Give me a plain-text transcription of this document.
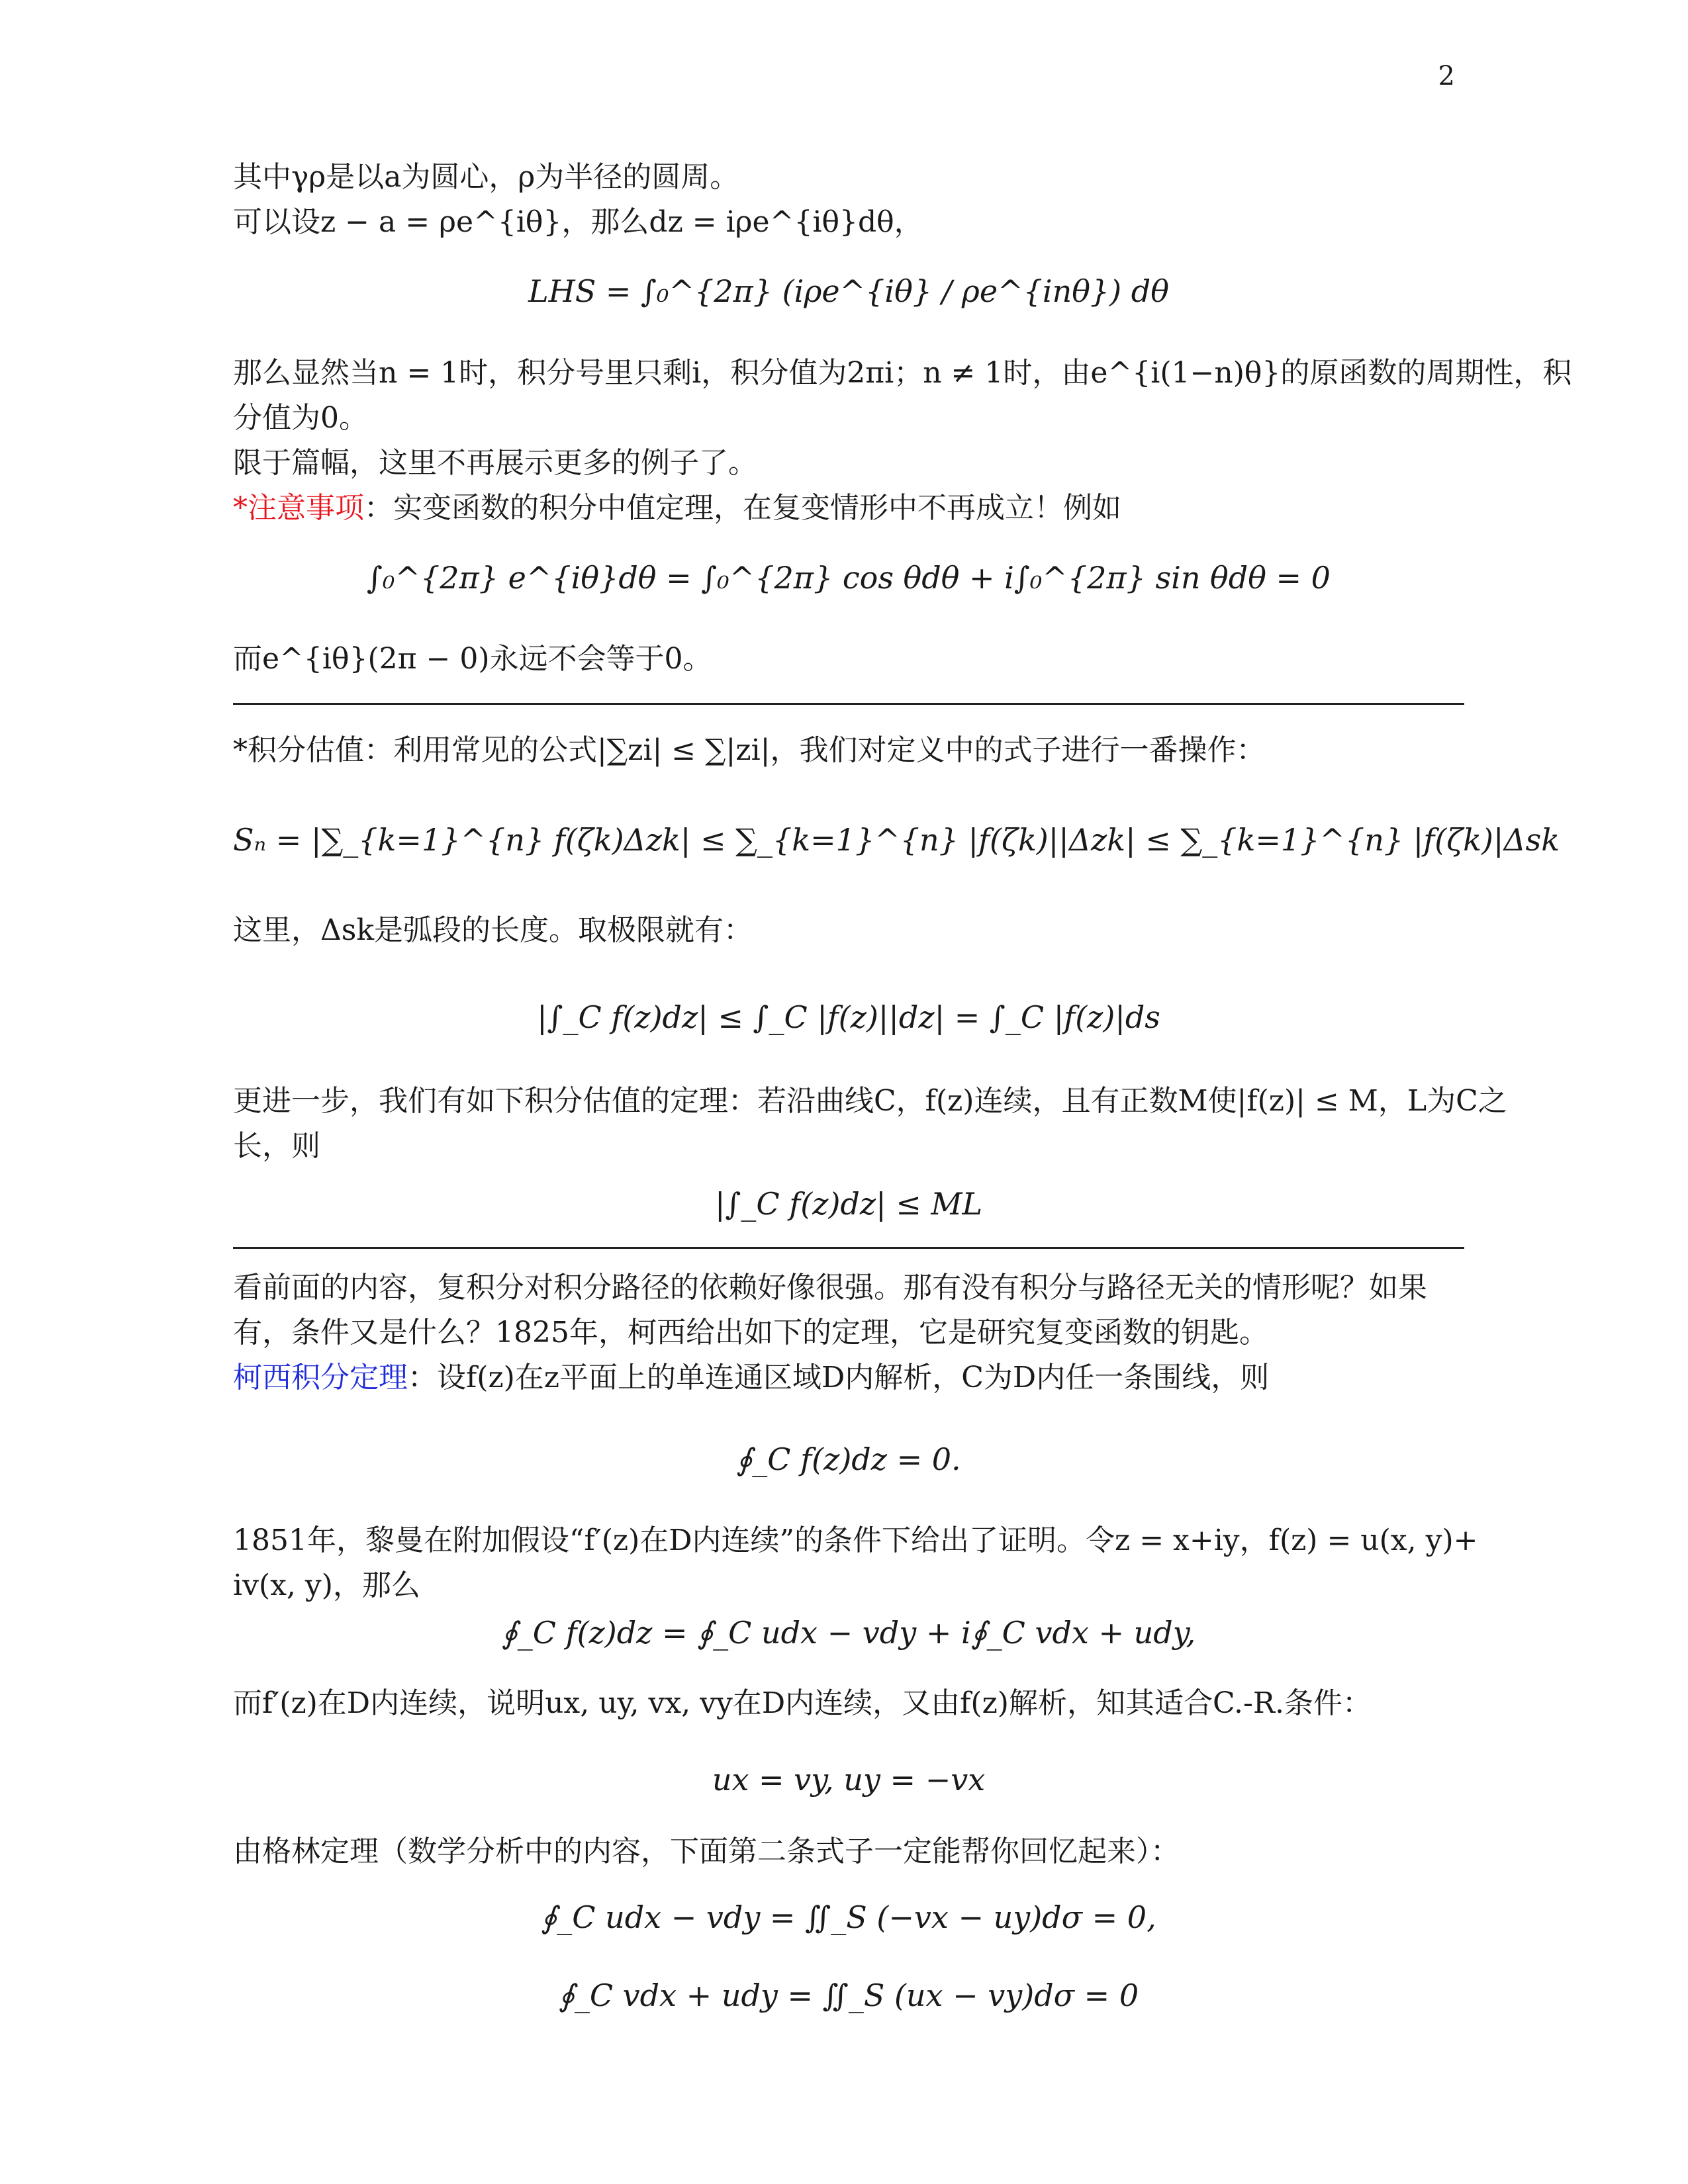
2
其中γρ是以a为圆心，ρ为半径的圆周。
可以设z − a = ρe^{iθ}，那么dz = iρe^{iθ}dθ，
LHS = ∫₀^{2π} (iρe^{iθ} / ρe^{inθ}) dθ
那么显然当n = 1时，积分号里只剩i，积分值为2πi；n ≠ 1时，由e^{i(1−n)θ}的原函数的周期性，积
分值为0。
限于篇幅，这里不再展示更多的例子了。
*注意事项：实变函数的积分中值定理，在复变情形中不再成立！例如
∫₀^{2π} e^{iθ}dθ = ∫₀^{2π} cos θdθ + i∫₀^{2π} sin θdθ = 0
而e^{iθ}(2π − 0)永远不会等于0。
*积分估值：利用常见的公式|∑zi| ≤ ∑|zi|，我们对定义中的式子进行一番操作：
Sₙ = |∑_{k=1}^{n} f(ζk)Δzk| ≤ ∑_{k=1}^{n} |f(ζk)||Δzk| ≤ ∑_{k=1}^{n} |f(ζk)|Δsk
这里，Δsk是弧段的长度。取极限就有：
|∫_C f(z)dz| ≤ ∫_C |f(z)||dz| = ∫_C |f(z)|ds
更进一步，我们有如下积分估值的定理：若沿曲线C，f(z)连续，且有正数M使|f(z)| ≤ M，L为C之
长，则
|∫_C f(z)dz| ≤ ML
看前面的内容，复积分对积分路径的依赖好像很强。那有没有积分与路径无关的情形呢？如果
有，条件又是什么？1825年，柯西给出如下的定理，它是研究复变函数的钥匙。
柯西积分定理：设f(z)在z平面上的单连通区域D内解析，C为D内任一条围线，则
∮_C f(z)dz = 0.
1851年，黎曼在附加假设“f′(z)在D内连续”的条件下给出了证明。令z = x+iy，f(z) = u(x, y)+
iv(x, y)，那么
∮_C f(z)dz = ∮_C udx − vdy + i∮_C vdx + udy,
而f′(z)在D内连续，说明ux, uy, vx, vy在D内连续，又由f(z)解析，知其适合C.-R.条件：
ux = vy, uy = −vx
由格林定理（数学分析中的内容，下面第二条式子一定能帮你回忆起来）：
∮_C udx − vdy = ∬_S (−vx − uy)dσ = 0,
∮_C vdx + udy = ∬_S (ux − vy)dσ = 0
